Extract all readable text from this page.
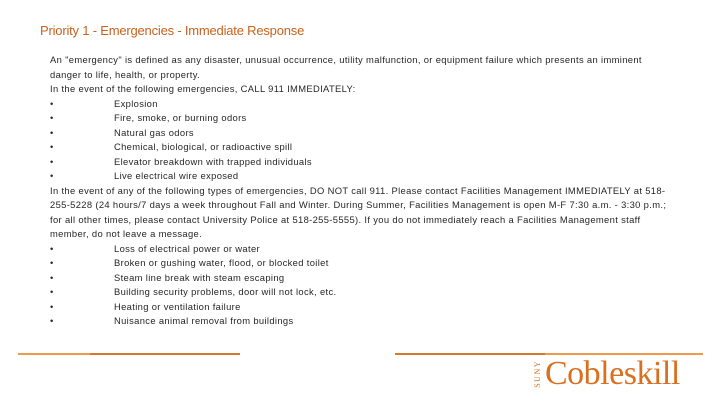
Priority 1 - Emergencies - Immediate Response

An "emergency" is defined as any disaster, unusual occurrence, utility malfunction, or equipment failure which presents an imminent danger to life, health, or property.

In the event of the following emergencies, CALL 911 IMMEDIATELY:

•	Explosion
•	Fire, smoke, or burning odors
•	Natural gas odors
•	Chemical, biological, or radioactive spill
•	Elevator breakdown with trapped individuals
•	Live electrical wire exposed

In the event of any of the following types of emergencies, DO NOT call 911. Please contact Facilities Management IMMEDIATELY at 518-255-5228 (24 hours/7 days a week throughout Fall and Winter. During Summer, Facilities Management is open M-F 7:30 a.m. - 3:30 p.m.; for all other times, please contact University Police at 518-255-5555). If you do not immediately reach a Facilities Management staff member, do not leave a message.

•	Loss of electrical power or water
•	Broken or gushing water, flood, or blocked toilet
•	Steam line break with steam escaping
•	Building security problems, door will not lock, etc.
•	Heating or ventilation failure
•	Nuisance animal removal from buildings
SUNY Cobleskill
